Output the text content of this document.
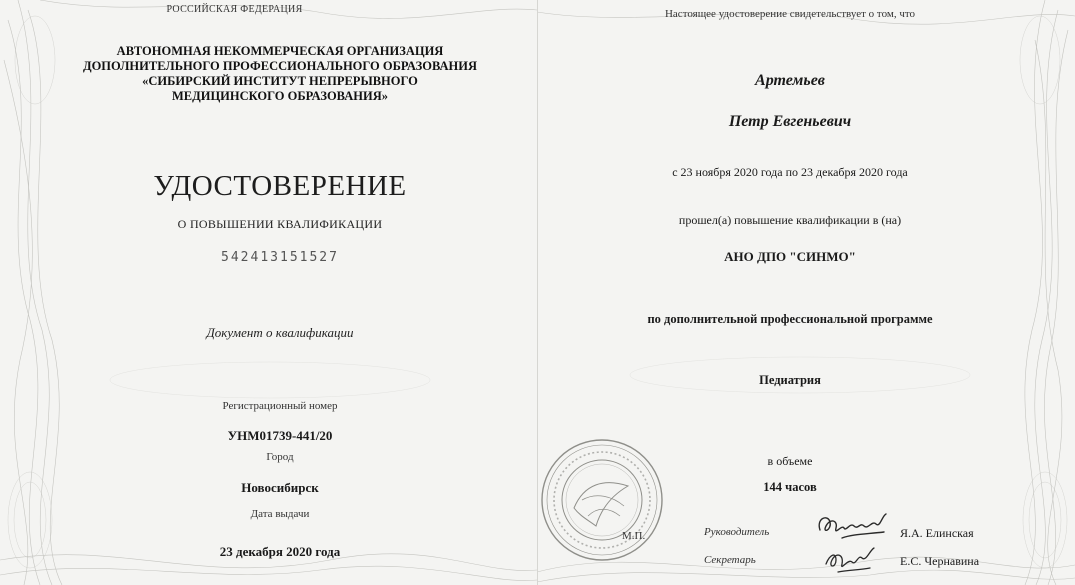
РОССИЙСКАЯ ФЕДЕРАЦИЯ

АВТОНОМНАЯ НЕКОММЕРЧЕСКАЯ ОРГАНИЗАЦИЯ
ДОПОЛНИТЕЛЬНОГО ПРОФЕССИОНАЛЬНОГО ОБРАЗОВАНИЯ
«СИБИРСКИЙ ИНСТИТУТ НЕПРЕРЫВНОГО
МЕДИЦИНСКОГО ОБРАЗОВАНИЯ»

УДОСТОВЕРЕНИЕ

О ПОВЫШЕНИИ КВАЛИФИКАЦИИ

542413151527

Документ о квалификации

Регистрационный номер

УНМ01739-441/20

Город

Новосибирск

Дата выдачи

23 декабря 2020 года

Настоящее удостоверение свидетельствует о том, что

Артемьев

Петр Евгеньевич

с 23 ноября 2020 года по 23 декабря 2020 года

прошел(а) повышение квалификации в (на)

АНО ДПО "СИНМО"

по дополнительной профессиональной программе

Педиатрия

в объеме

144 часов

М.П.	Руководитель

Секретарь

Я.А. Елинская

Е.С. Чернавина
